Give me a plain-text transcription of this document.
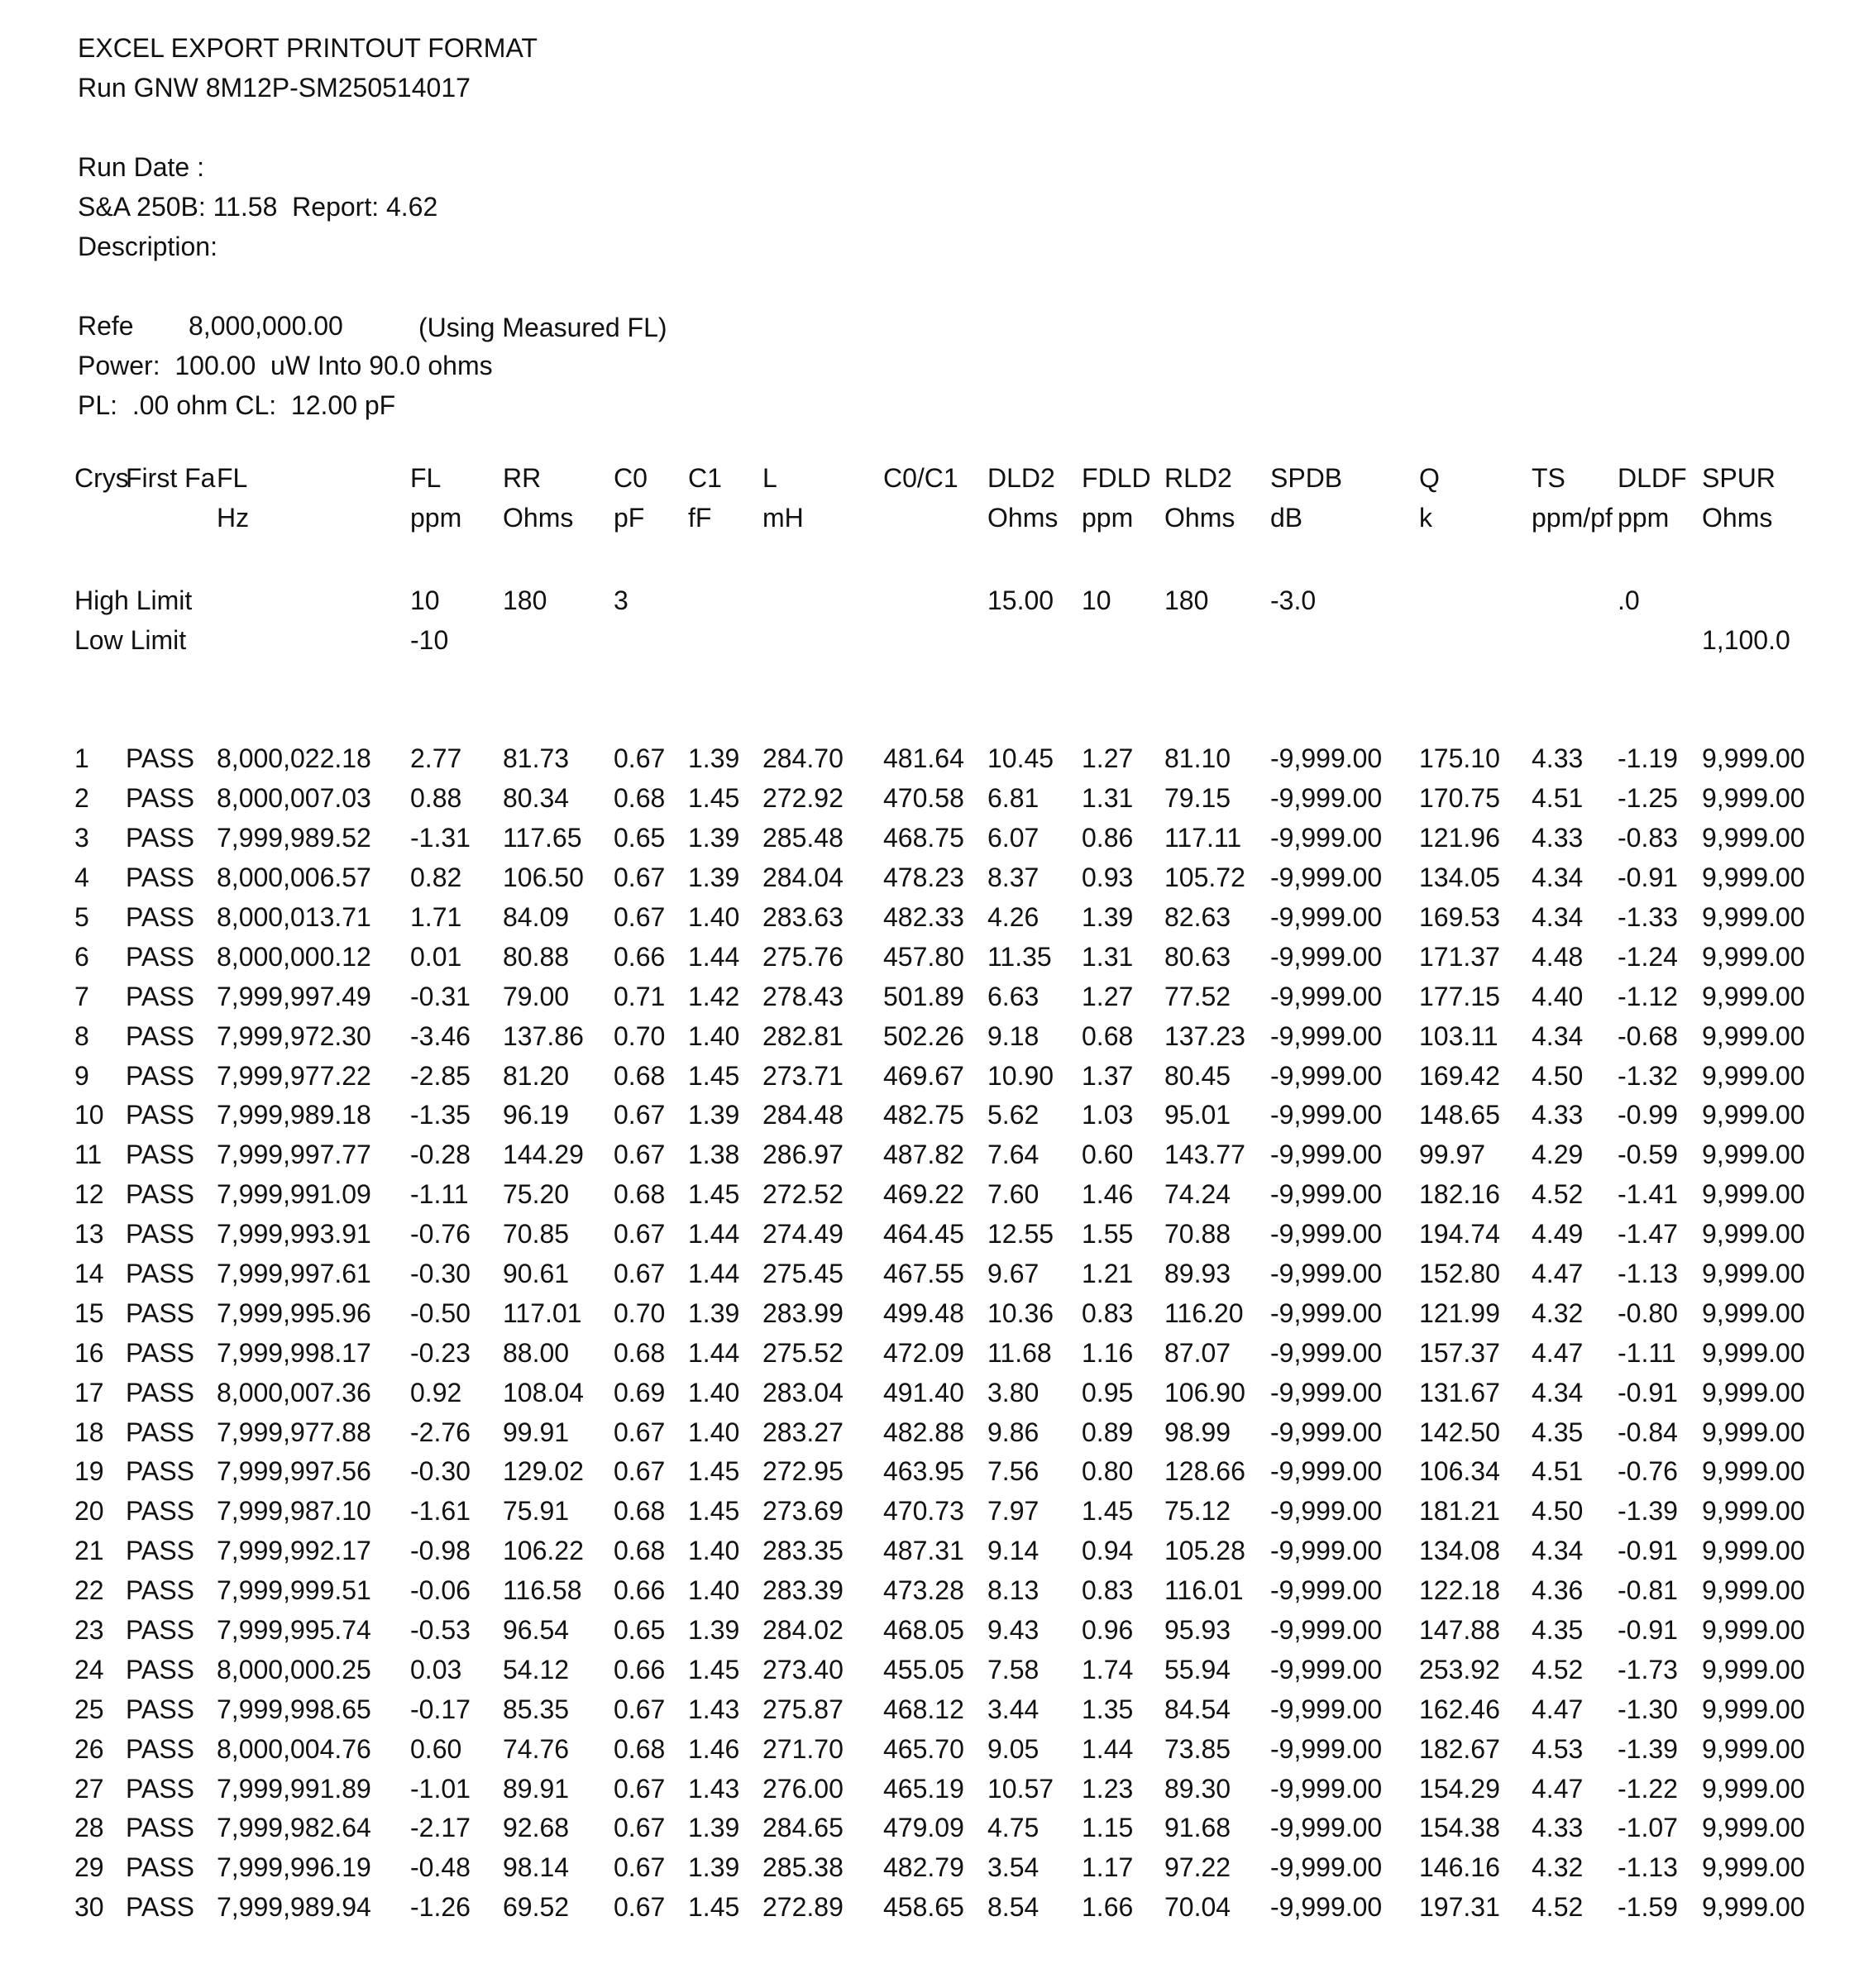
EXCEL EXPORT PRINTOUT FORMAT
Run GNW 8M12P-SM250514017
Run Date :
S&A 250B: 11.58  Report: 4.62
Description:
Refe 8,000,000.00	(Using Measured FL)
Power:  100.00  uW Into 90.0 ohms
PL:  .00 ohm CL:  12.00 pF
Crys	First Fa	FL	FL	RR	C0	C1	L	C0/C1	DLD2	FDLD	RLD2	SPDB	Q	TS	DLDF	SPUR
		Hz	ppm	Ohms	pF	fF	mH		Ohms	ppm	Ohms	dB	k	ppm/pf	ppm	Ohms

High Limit			10	180	3				15.00	10	180	-3.0			.0	
Low Limit			-10													1,100.0

1	PASS	8,000,022.18	2.77	81.73	0.67	1.39	284.70	481.64	10.45	1.27	81.10	-9,999.00	175.10	4.33	-1.19	9,999.00
2	PASS	8,000,007.03	0.88	80.34	0.68	1.45	272.92	470.58	6.81	1.31	79.15	-9,999.00	170.75	4.51	-1.25	9,999.00
3	PASS	7,999,989.52	-1.31	117.65	0.65	1.39	285.48	468.75	6.07	0.86	117.11	-9,999.00	121.96	4.33	-0.83	9,999.00
4	PASS	8,000,006.57	0.82	106.50	0.67	1.39	284.04	478.23	8.37	0.93	105.72	-9,999.00	134.05	4.34	-0.91	9,999.00
5	PASS	8,000,013.71	1.71	84.09	0.67	1.40	283.63	482.33	4.26	1.39	82.63	-9,999.00	169.53	4.34	-1.33	9,999.00
6	PASS	8,000,000.12	0.01	80.88	0.66	1.44	275.76	457.80	11.35	1.31	80.63	-9,999.00	171.37	4.48	-1.24	9,999.00
7	PASS	7,999,997.49	-0.31	79.00	0.71	1.42	278.43	501.89	6.63	1.27	77.52	-9,999.00	177.15	4.40	-1.12	9,999.00
8	PASS	7,999,972.30	-3.46	137.86	0.70	1.40	282.81	502.26	9.18	0.68	137.23	-9,999.00	103.11	4.34	-0.68	9,999.00
9	PASS	7,999,977.22	-2.85	81.20	0.68	1.45	273.71	469.67	10.90	1.37	80.45	-9,999.00	169.42	4.50	-1.32	9,999.00
10	PASS	7,999,989.18	-1.35	96.19	0.67	1.39	284.48	482.75	5.62	1.03	95.01	-9,999.00	148.65	4.33	-0.99	9,999.00
11	PASS	7,999,997.77	-0.28	144.29	0.67	1.38	286.97	487.82	7.64	0.60	143.77	-9,999.00	99.97	4.29	-0.59	9,999.00
12	PASS	7,999,991.09	-1.11	75.20	0.68	1.45	272.52	469.22	7.60	1.46	74.24	-9,999.00	182.16	4.52	-1.41	9,999.00
13	PASS	7,999,993.91	-0.76	70.85	0.67	1.44	274.49	464.45	12.55	1.55	70.88	-9,999.00	194.74	4.49	-1.47	9,999.00
14	PASS	7,999,997.61	-0.30	90.61	0.67	1.44	275.45	467.55	9.67	1.21	89.93	-9,999.00	152.80	4.47	-1.13	9,999.00
15	PASS	7,999,995.96	-0.50	117.01	0.70	1.39	283.99	499.48	10.36	0.83	116.20	-9,999.00	121.99	4.32	-0.80	9,999.00
16	PASS	7,999,998.17	-0.23	88.00	0.68	1.44	275.52	472.09	11.68	1.16	87.07	-9,999.00	157.37	4.47	-1.11	9,999.00
17	PASS	8,000,007.36	0.92	108.04	0.69	1.40	283.04	491.40	3.80	0.95	106.90	-9,999.00	131.67	4.34	-0.91	9,999.00
18	PASS	7,999,977.88	-2.76	99.91	0.67	1.40	283.27	482.88	9.86	0.89	98.99	-9,999.00	142.50	4.35	-0.84	9,999.00
19	PASS	7,999,997.56	-0.30	129.02	0.67	1.45	272.95	463.95	7.56	0.80	128.66	-9,999.00	106.34	4.51	-0.76	9,999.00
20	PASS	7,999,987.10	-1.61	75.91	0.68	1.45	273.69	470.73	7.97	1.45	75.12	-9,999.00	181.21	4.50	-1.39	9,999.00
21	PASS	7,999,992.17	-0.98	106.22	0.68	1.40	283.35	487.31	9.14	0.94	105.28	-9,999.00	134.08	4.34	-0.91	9,999.00
22	PASS	7,999,999.51	-0.06	116.58	0.66	1.40	283.39	473.28	8.13	0.83	116.01	-9,999.00	122.18	4.36	-0.81	9,999.00
23	PASS	7,999,995.74	-0.53	96.54	0.65	1.39	284.02	468.05	9.43	0.96	95.93	-9,999.00	147.88	4.35	-0.91	9,999.00
24	PASS	8,000,000.25	0.03	54.12	0.66	1.45	273.40	455.05	7.58	1.74	55.94	-9,999.00	253.92	4.52	-1.73	9,999.00
25	PASS	7,999,998.65	-0.17	85.35	0.67	1.43	275.87	468.12	3.44	1.35	84.54	-9,999.00	162.46	4.47	-1.30	9,999.00
26	PASS	8,000,004.76	0.60	74.76	0.68	1.46	271.70	465.70	9.05	1.44	73.85	-9,999.00	182.67	4.53	-1.39	9,999.00
27	PASS	7,999,991.89	-1.01	89.91	0.67	1.43	276.00	465.19	10.57	1.23	89.30	-9,999.00	154.29	4.47	-1.22	9,999.00
28	PASS	7,999,982.64	-2.17	92.68	0.67	1.39	284.65	479.09	4.75	1.15	91.68	-9,999.00	154.38	4.33	-1.07	9,999.00
29	PASS	7,999,996.19	-0.48	98.14	0.67	1.39	285.38	482.79	3.54	1.17	97.22	-9,999.00	146.16	4.32	-1.13	9,999.00
30	PASS	7,999,989.94	-1.26	69.52	0.67	1.45	272.89	458.65	8.54	1.66	70.04	-9,999.00	197.31	4.52	-1.59	9,999.00
